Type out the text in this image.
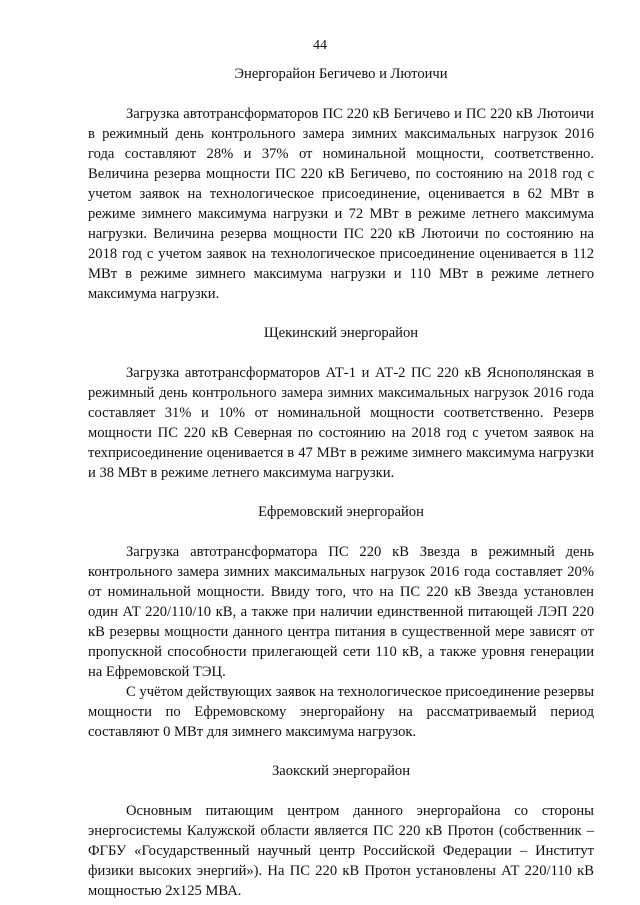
44
Энергорайон Бегичево и Лютоичи

Загрузка автотрансформаторов ПС 220 кВ Бегичево и ПС 220 кВ Лютоичи в режимный день контрольного замера зимних максимальных нагрузок 2016 года составляют 28% и 37% от номинальной мощности, соответственно. Величина резерва мощности ПС 220 кВ Бегичево, по состоянию на 2018 год с учетом заявок на технологическое присоединение, оценивается в 62 МВт в режиме зимнего максимума нагрузки и 72 МВт в режиме летнего максимума нагрузки. Величина резерва мощности ПС 220 кВ Лютоичи по состоянию на 2018 год с учетом заявок на технологическое присоединение оценивается в 112 МВт в режиме зимнего максимума нагрузки и 110 МВт в режиме летнего максимума нагрузки.

Щекинский энергорайон

Загрузка автотрансформаторов АТ-1 и АТ-2 ПС 220 кВ Яснополянская в режимный день контрольного замера зимних максимальных нагрузок 2016 года составляет 31% и 10% от номинальной мощности соответственно. Резерв мощности ПС 220 кВ Северная по состоянию на 2018 год с учетом заявок на техприсоединение оценивается в 47 МВт в режиме зимнего максимума нагрузки и 38 МВт в режиме летнего максимума нагрузки.

Ефремовский энергорайон

Загрузка автотрансформатора ПС 220 кВ Звезда в режимный день контрольного замера зимних максимальных нагрузок 2016 года составляет 20% от номинальной мощности. Ввиду того, что на ПС 220 кВ Звезда установлен один АТ 220/110/10 кВ, а также при наличии единственной питающей ЛЭП 220 кВ резервы мощности данного центра питания в существенной мере зависят от пропускной способности прилегающей сети 110 кВ, а также уровня генерации на Ефремовской ТЭЦ.

С учётом действующих заявок на технологическое присоединение резервы мощности по Ефремовскому энергорайону на рассматриваемый период составляют 0 МВт для зимнего максимума нагрузок.

Заокский энергорайон

Основным питающим центром данного энергорайона со стороны энергосистемы Калужской области является ПС 220 кВ Протон (собственник – ФГБУ «Государственный научный центр Российской Федерации – Институт физики высоких энергий»). На ПС 220 кВ Протон установлены АТ 220/110 кВ мощностью 2х125 МВА.
